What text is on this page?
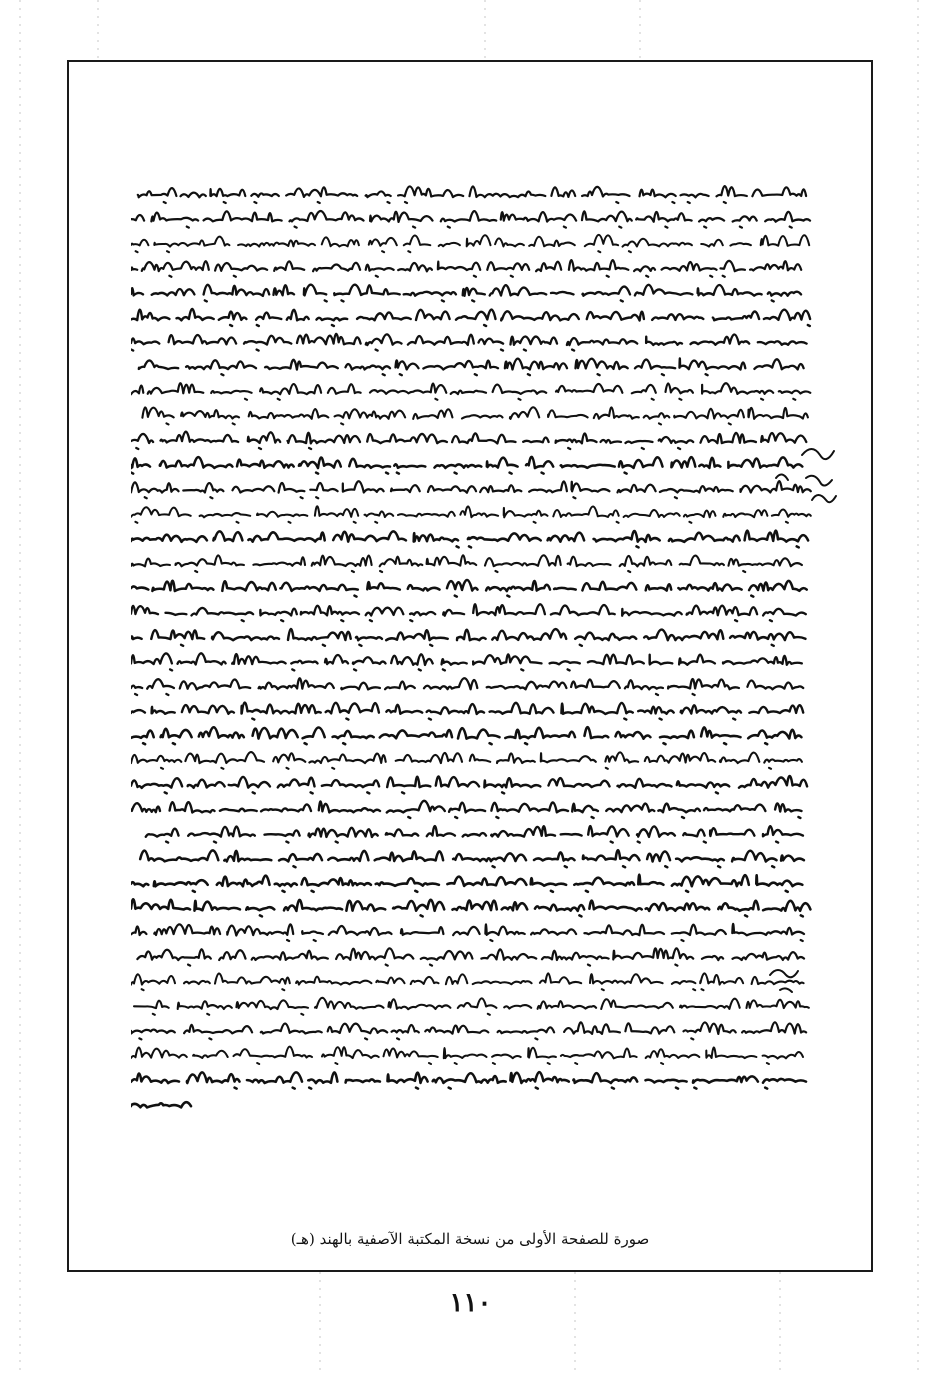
صورة للصفحة الأولى من نسخة المكتبة الآصفية بالهند (هـ)
١١٠
